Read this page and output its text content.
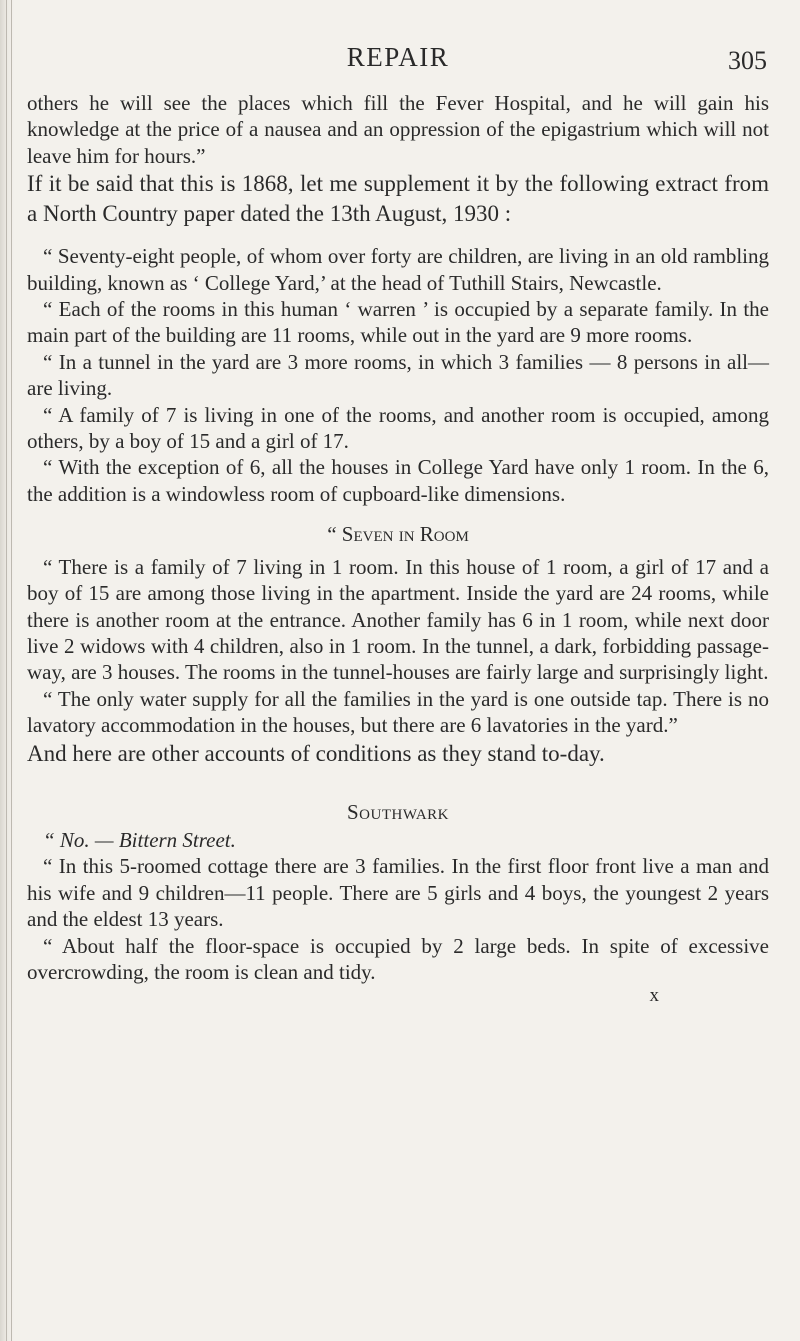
REPAIR	305

others he will see the places which fill the Fever Hospital, and he will gain his knowledge at the price of a nausea and an oppression of the epigastrium which will not leave him for hours.”

If it be said that this is 1868, let me supplement it by the following extract from a North Country paper dated the 13th August, 1930 :

“ Seventy-eight people, of whom over forty are children, are living in an old rambling building, known as ‘ College Yard,’ at the head of Tuthill Stairs, Newcastle.

“ Each of the rooms in this human ‘ warren ’ is occupied by a separate family. In the main part of the building are 11 rooms, while out in the yard are 9 more rooms.

“ In a tunnel in the yard are 3 more rooms, in which 3 families — 8 persons in all—are living.

“ A family of 7 is living in one of the rooms, and another room is occupied, among others, by a boy of 15 and a girl of 17.

“ With the exception of 6, all the houses in College Yard have only 1 room. In the 6, the addition is a windowless room of cupboard-like dimensions.

“ Seven in Room

“ There is a family of 7 living in 1 room. In this house of 1 room, a girl of 17 and a boy of 15 are among those living in the apartment. Inside the yard are 24 rooms, while there is another room at the entrance. Another family has 6 in 1 room, while next door live 2 widows with 4 children, also in 1 room. In the tunnel, a dark, forbidding passage-way, are 3 houses. The rooms in the tunnel-houses are fairly large and surprisingly light.

“ The only water supply for all the families in the yard is one outside tap. There is no lavatory accommodation in the houses, but there are 6 lavatories in the yard.”

And here are other accounts of conditions as they stand to-day.

Southwark

“ No. — Bittern Street.

“ In this 5-roomed cottage there are 3 families. In the first floor front live a man and his wife and 9 children—11 people. There are 5 girls and 4 boys, the youngest 2 years and the eldest 13 years.

“ About half the floor-space is occupied by 2 large beds. In spite of excessive overcrowding, the room is clean and tidy.

x
